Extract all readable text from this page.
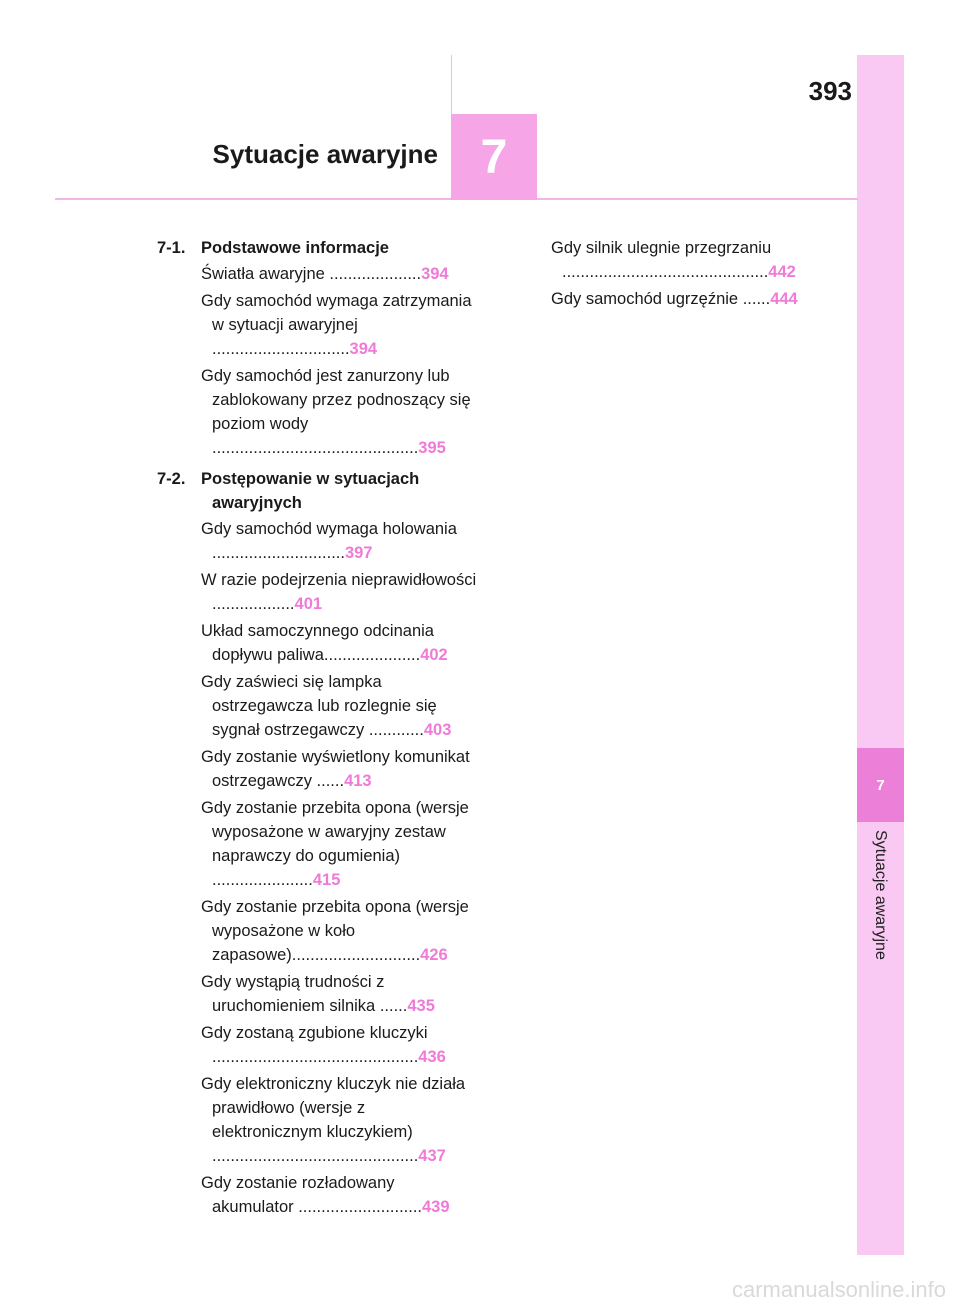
7
Sytuacje awaryjne
7
Sytuacje awaryjne
393
7-1. Podstawowe informacje
Światła awaryjne ....................394
Gdy samochód wymaga zatrzymania w sytuacji awaryjnej ..............................394
Gdy samochód jest zanurzony lub zablokowany przez podnoszący się poziom wody .............................................395
7-2. Postępowanie w sytuacjach awaryjnych
Gdy samochód wymaga holowania .............................397
W razie podejrzenia nieprawidłowości ..................401
Układ samoczynnego odcinania dopływu paliwa.....................402
Gdy zaświeci się lampka ostrzegawcza lub rozlegnie się sygnał ostrzegawczy ............403
Gdy zostanie wyświetlony komunikat ostrzegawczy ......413
Gdy zostanie przebita opona (wersje wyposażone w awaryjny zestaw naprawczy do ogumienia) ......................415
Gdy zostanie przebita opona (wersje wyposażone w koło zapasowe)............................426
Gdy wystąpią trudności z uruchomieniem silnika ......435
Gdy zostaną zgubione kluczyki .............................................436
Gdy elektroniczny kluczyk nie działa prawidłowo (wersje z elektronicznym kluczykiem) .............................................437
Gdy zostanie rozładowany akumulator ...........................439
Gdy silnik ulegnie przegrzaniu .............................................442
Gdy samochód ugrzęźnie ......444
carmanualsonline.info
